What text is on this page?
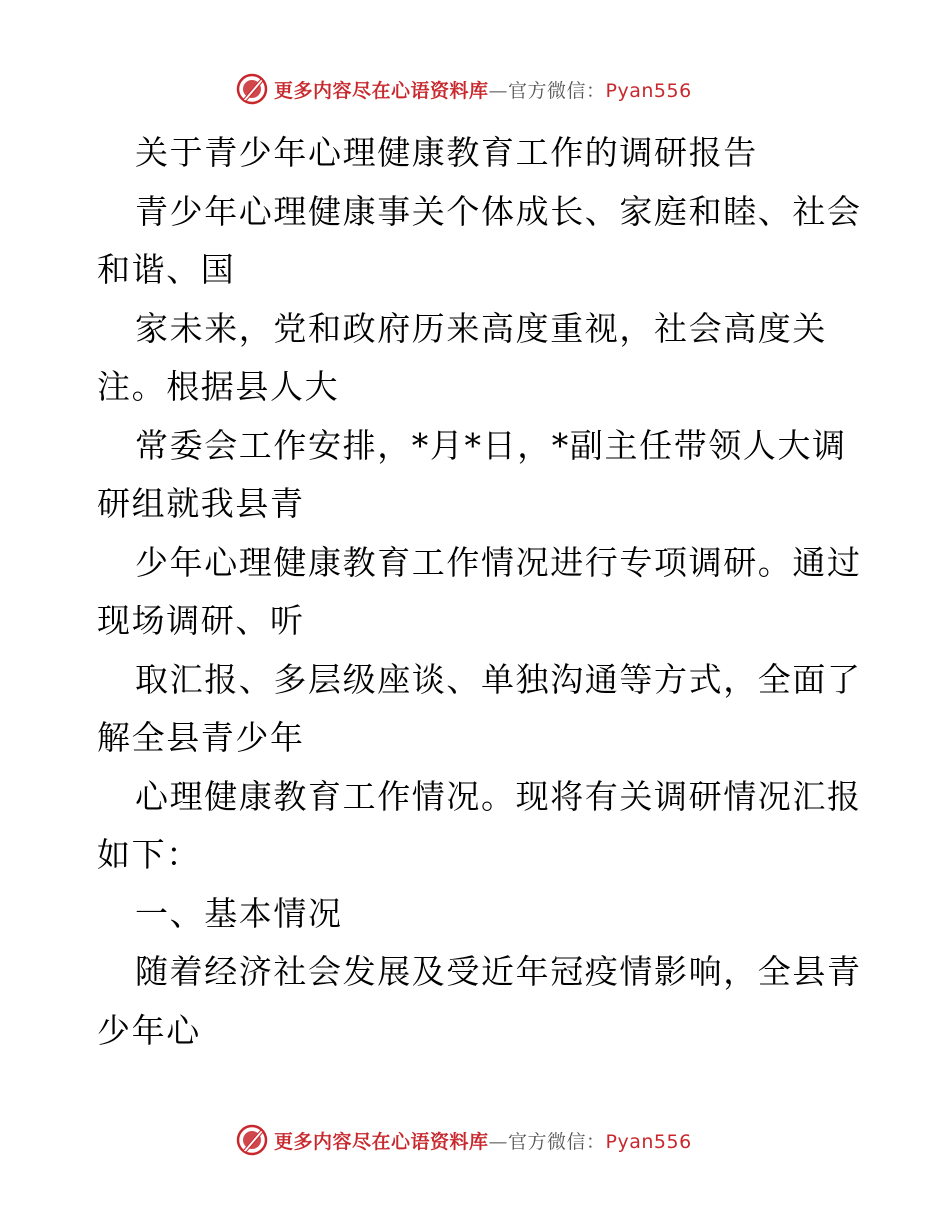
更多内容尽在心语资料库—官方微信：Pyan556
关于青少年心理健康教育工作的调研报告
青少年心理健康事关个体成长、家庭和睦、社会
和谐、国
家未来，党和政府历来高度重视，社会高度关
注。根据县人大
常委会工作安排，*月*日，*副主任带领人大调
研组就我县青
少年心理健康教育工作情况进行专项调研。通过
现场调研、听
取汇报、多层级座谈、单独沟通等方式，全面了
解全县青少年
心理健康教育工作情况。现将有关调研情况汇报
如下：
一、基本情况
随着经济社会发展及受近年冠疫情影响，全县青
少年心
更多内容尽在心语资料库—官方微信：Pyan556
